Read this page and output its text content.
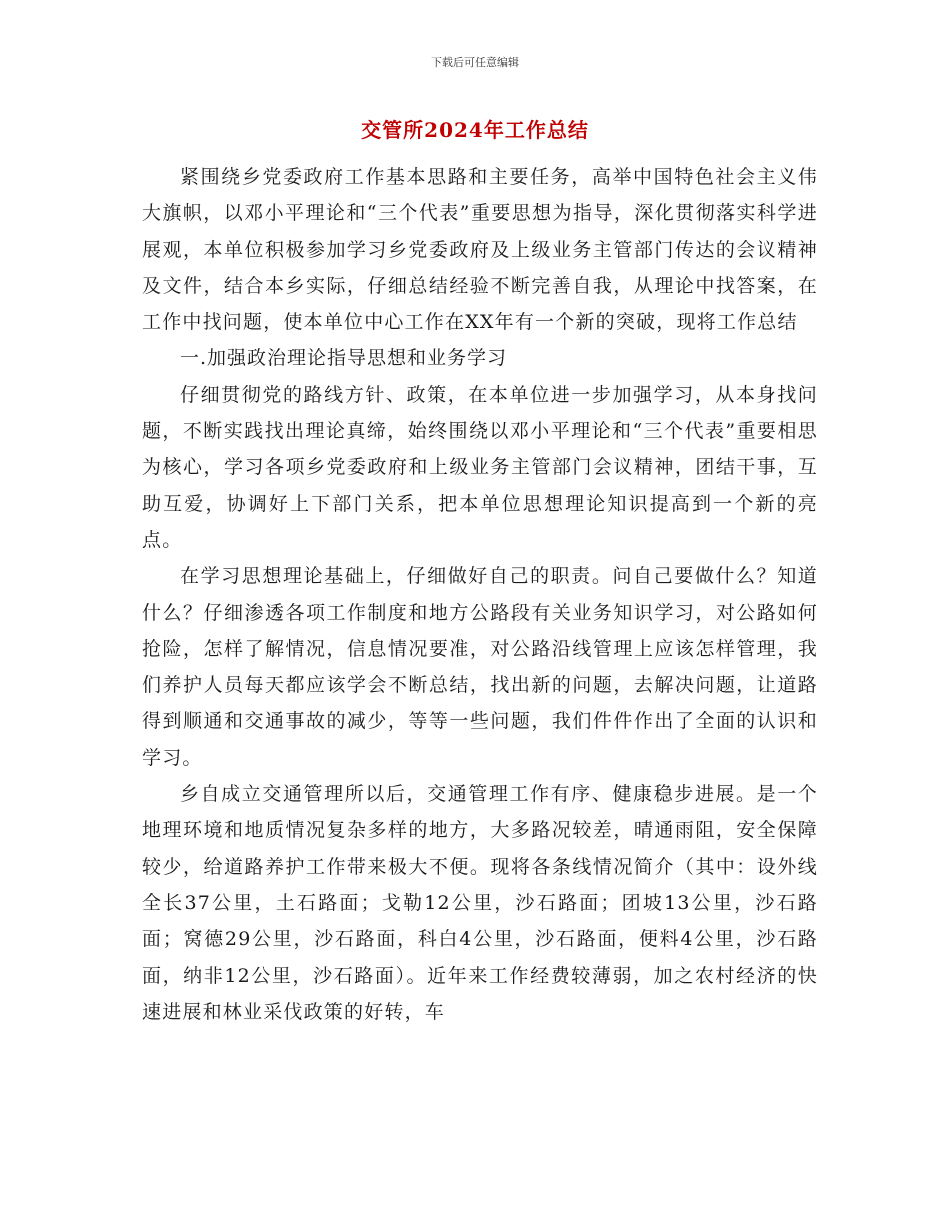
下载后可任意编辑
交管所2024年工作总结

紧围绕乡党委政府工作基本思路和主要任务，高举中国特色社会主义伟大旗帜，以邓小平理论和“三个代表”重要思想为指导，深化贯彻落实科学进展观，本单位积极参加学习乡党委政府及上级业务主管部门传达的会议精神及文件，结合本乡实际，仔细总结经验不断完善自我，从理论中找答案，在工作中找问题，使本单位中心工作在XX年有一个新的突破，现将工作总结

一.加强政治理论指导思想和业务学习

仔细贯彻党的路线方针、政策，在本单位进一步加强学习，从本身找问题，不断实践找出理论真缔，始终围绕以邓小平理论和“三个代表”重要相思为核心，学习各项乡党委政府和上级业务主管部门会议精神，团结干事，互助互爱，协调好上下部门关系，把本单位思想理论知识提高到一个新的亮点。

在学习思想理论基础上，仔细做好自己的职责。问自己要做什么？知道什么？仔细渗透各项工作制度和地方公路段有关业务知识学习，对公路如何抢险，怎样了解情况，信息情况要准，对公路沿线管理上应该怎样管理，我们养护人员每天都应该学会不断总结，找出新的问题，去解决问题，让道路得到顺通和交通事故的减少，等等一些问题，我们件件作出了全面的认识和学习。

乡自成立交通管理所以后，交通管理工作有序、健康稳步进展。是一个地理环境和地质情况复杂多样的地方，大多路况较差，晴通雨阻，安全保障较少，给道路养护工作带来极大不便。现将各条线情况简介（其中：设外线全长37公里，土石路面；戈勒12公里，沙石路面；团坡13公里，沙石路面；窝德29公里，沙石路面，科白4公里，沙石路面，便料4公里，沙石路面，纳非12公里，沙石路面）。近年来工作经费较薄弱，加之农村经济的快速进展和林业采伐政策的好转，车
